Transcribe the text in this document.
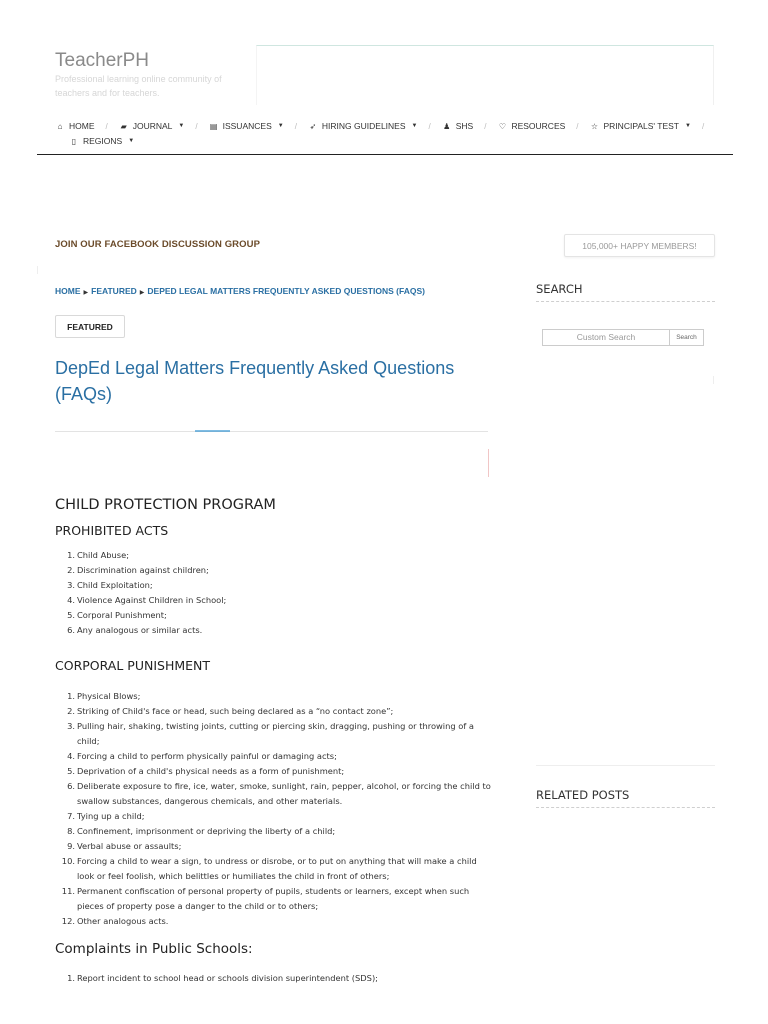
TeacherPH
Professional learning online community of teachers and for teachers.
⌂ HOME / ▰ JOURNAL ▼ / ▤ ISSUANCES ▼ / ➶ HIRING GUIDELINES ▼ / ♟ SHS / ♡ RESOURCES / ☆ PRINCIPALS' TEST ▼ /
▯ REGIONS ▼
JOIN OUR FACEBOOK DISCUSSION GROUP	105,000+ HAPPY MEMBERS!
HOME ▶ FEATURED ▶ DEPED LEGAL MATTERS FREQUENTLY ASKED QUESTIONS (FAQS)
FEATURED
DepEd Legal Matters Frequently Asked Questions (FAQs)
CHILD PROTECTION PROGRAM
PROHIBITED ACTS
Child Abuse;
Discrimination against children;
Child Exploitation;
Violence Against Children in School;
Corporal Punishment;
Any analogous or similar acts.
CORPORAL PUNISHMENT
Physical Blows;
Striking of Child's face or head, such being declared as a “no contact zone”;
Pulling hair, shaking, twisting joints, cutting or piercing skin, dragging, pushing or throwing of a child;
Forcing a child to perform physically painful or damaging acts;
Deprivation of a child's physical needs as a form of punishment;
Deliberate exposure to fire, ice, water, smoke, sunlight, rain, pepper, alcohol, or forcing the child to swallow substances, dangerous chemicals, and other materials.
Tying up a child;
Confinement, imprisonment or depriving the liberty of a child;
Verbal abuse or assaults;
Forcing a child to wear a sign, to undress or disrobe, or to put on anything that will make a child look or feel foolish, which belittles or humiliates the child in front of others;
Permanent confiscation of personal property of pupils, students or learners, except when such pieces of property pose a danger to the child or to others;
Other analogous acts.
Complaints in Public Schools:
Report incident to school head or schools division superintendent (SDS);
SEARCH
Custom Search	Search
RELATED POSTS
